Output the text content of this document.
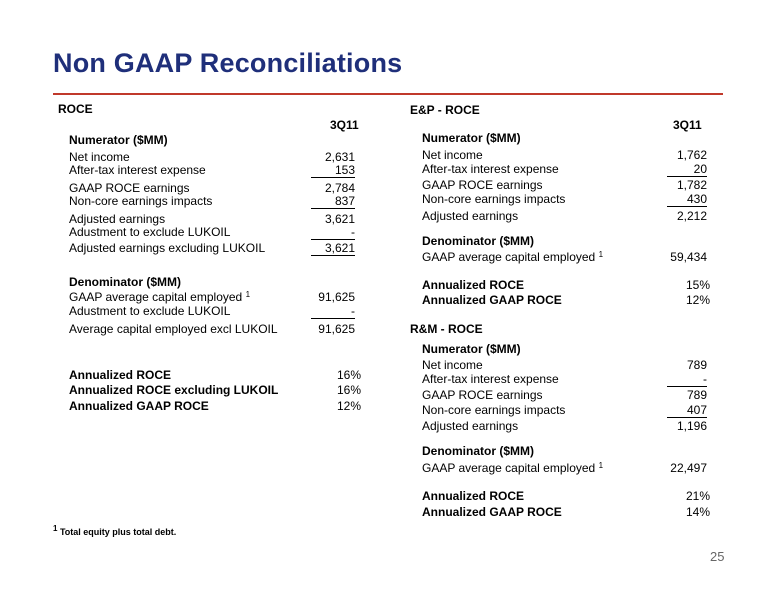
Non GAAP Reconciliations
ROCE
3Q11
Numerator ($MM)
Net income	2,631
After-tax interest expense	153
GAAP ROCE earnings	2,784
Non-core earnings impacts	837
Adjusted earnings	3,621
Adustment to exclude LUKOIL	-
Adjusted earnings excluding LUKOIL	3,621
Denominator ($MM)
GAAP average capital employed $^1$	91,625
Adustment to exclude LUKOIL	-
Average capital employed excl LUKOIL	91,625
Annualized ROCE	16%
Annualized ROCE excluding LUKOIL	16%
Annualized GAAP ROCE	12%
E&P - ROCE
3Q11
Numerator ($MM)
Net income	1,762
After-tax interest expense	20
GAAP ROCE earnings	1,782
Non-core earnings impacts	430
Adjusted earnings	2,212
Denominator ($MM)
GAAP average capital employed $^1$	59,434
Annualized ROCE	15%
Annualized GAAP ROCE	12%
R&M - ROCE
Numerator ($MM)
Net income	789
After-tax interest expense	-
GAAP ROCE earnings	789
Non-core earnings impacts	407
Adjusted earnings	1,196
Denominator ($MM)
GAAP average capital employed $^1$	22,497
Annualized ROCE	21%
Annualized GAAP ROCE	14%
$^1$ Total equity plus total debt.
25
